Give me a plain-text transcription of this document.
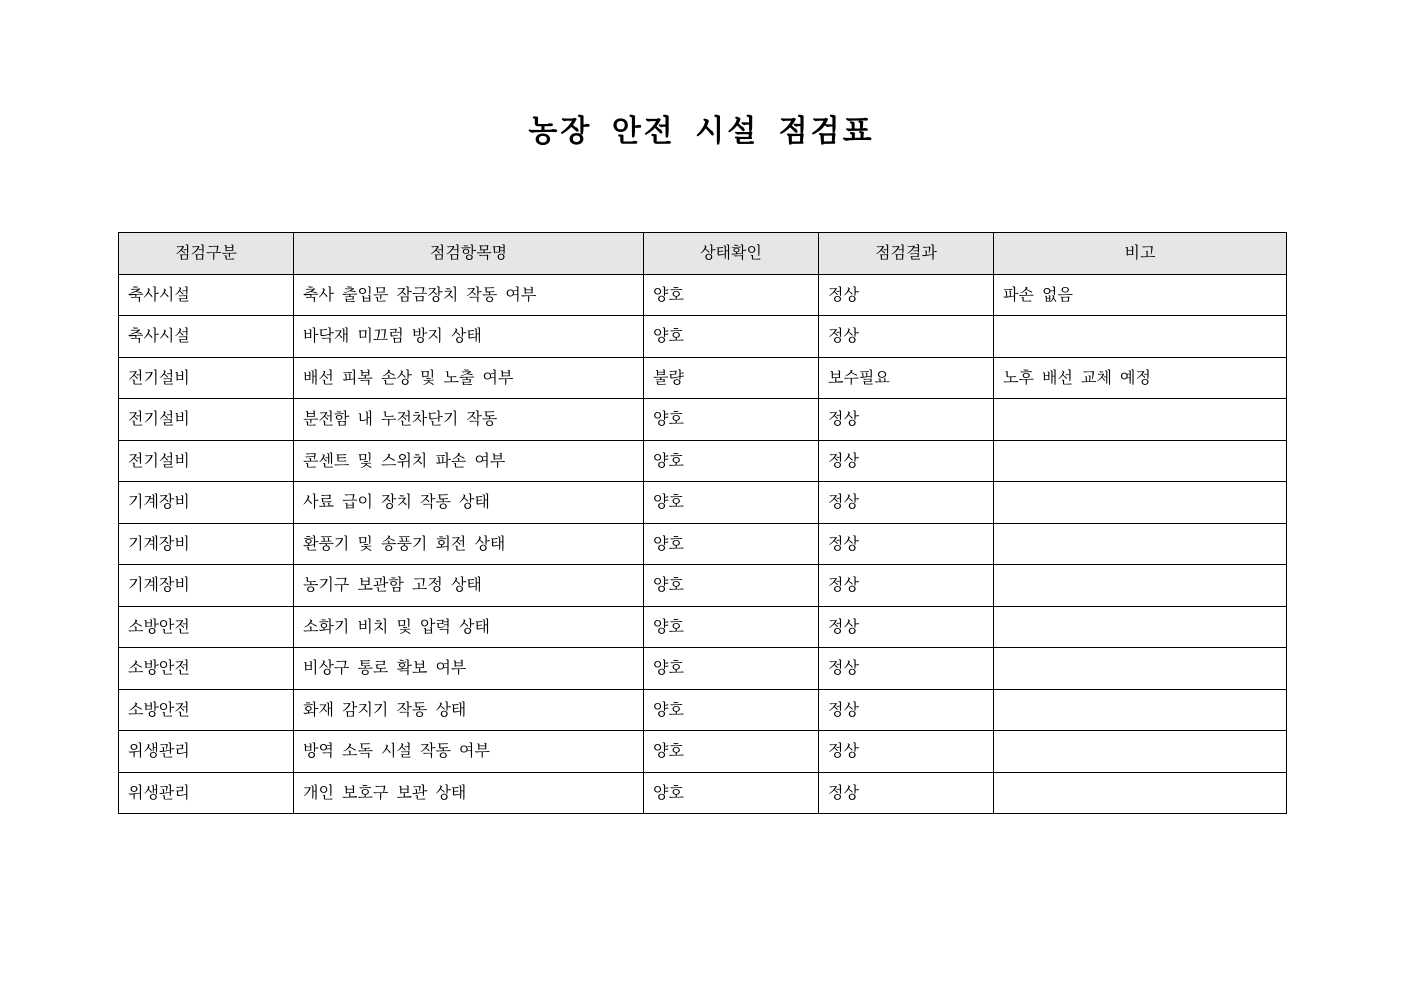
농장 안전 시설 점검표
점검구분	점검항목명	상태확인	점검결과	비고
축사시설	축사 출입문 잠금장치 작동 여부	양호	정상	파손 없음
축사시설	바닥재 미끄럼 방지 상태	양호	정상	
전기설비	배선 피복 손상 및 노출 여부	불량	보수필요	노후 배선 교체 예정
전기설비	분전함 내 누전차단기 작동	양호	정상	
전기설비	콘센트 및 스위치 파손 여부	양호	정상	
기계장비	사료 급이 장치 작동 상태	양호	정상	
기계장비	환풍기 및 송풍기 회전 상태	양호	정상	
기계장비	농기구 보관함 고정 상태	양호	정상	
소방안전	소화기 비치 및 압력 상태	양호	정상	
소방안전	비상구 통로 확보 여부	양호	정상	
소방안전	화재 감지기 작동 상태	양호	정상	
위생관리	방역 소독 시설 작동 여부	양호	정상	
위생관리	개인 보호구 보관 상태	양호	정상	
